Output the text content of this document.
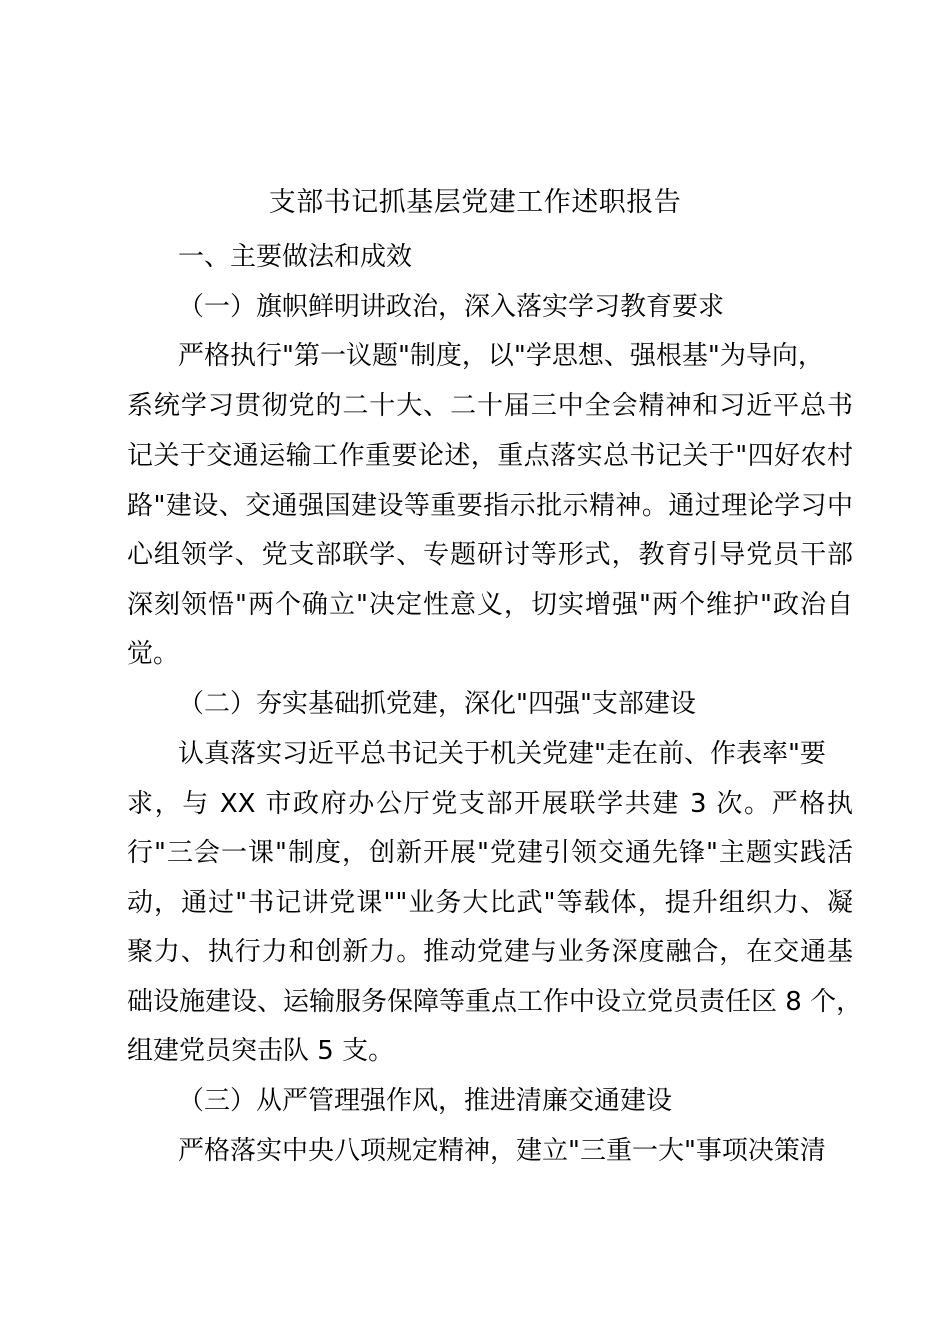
支部书记抓基层党建工作述职报告

一、主要做法和成效

（一）旗帜鲜明讲政治，深入落实学习教育要求

严格执行"第一议题"制度，以"学思想、强根基"为导向，

系统学习贯彻党的二十大、二十届三中全会精神和习近平总书

记关于交通运输工作重要论述，重点落实总书记关于"四好农村

路"建设、交通强国建设等重要指示批示精神。通过理论学习中

心组领学、党支部联学、专题研讨等形式，教育引导党员干部

深刻领悟"两个确立"决定性意义，切实增强"两个维护"政治自

觉。

（二）夯实基础抓党建，深化"四强"支部建设

认真落实习近平总书记关于机关党建"走在前、作表率"要

求，与 XX 市政府办公厅党支部开展联学共建 3 次。严格执

行"三会一课"制度，创新开展"党建引领交通先锋"主题实践活

动，通过"书记讲党课""业务大比武"等载体，提升组织力、凝

聚力、执行力和创新力。推动党建与业务深度融合，在交通基

础设施建设、运输服务保障等重点工作中设立党员责任区 8 个，

组建党员突击队 5 支。

（三）从严管理强作风，推进清廉交通建设

严格落实中央八项规定精神，建立"三重一大"事项决策清
